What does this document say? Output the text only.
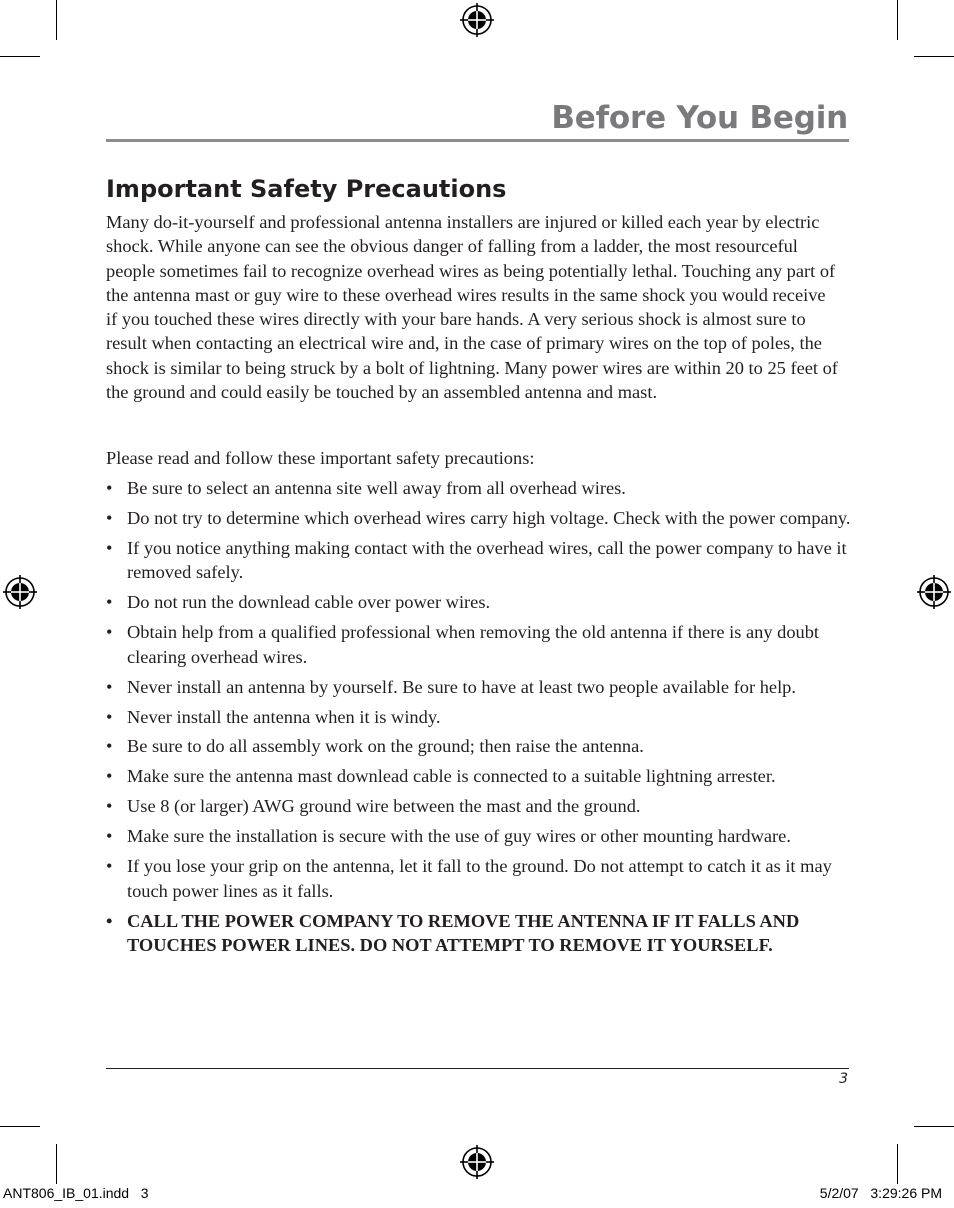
Before You Begin
Important Safety Precautions

Many do-it-yourself and professional antenna installers are injured or killed each year by electric shock. While anyone can see the obvious danger of falling from a ladder, the most resourceful people sometimes fail to recognize overhead wires as being potentially lethal. Touching any part of the antenna mast or guy wire to these overhead wires results in the same shock you would receive if you touched these wires directly with your bare hands. A very serious shock is almost sure to result when contacting an electrical wire and, in the case of primary wires on the top of poles, the shock is similar to being struck by a bolt of lightning. Many power wires are within 20 to 25 feet of the ground and could easily be touched by an assembled antenna and mast.

Please read and follow these important safety precautions:

• Be sure to select an antenna site well away from all overhead wires.
• Do not try to determine which overhead wires carry high voltage. Check with the power company.
• If you notice anything making contact with the overhead wires, call the power company to have it removed safely.
• Do not run the downlead cable over power wires.
• Obtain help from a qualified professional when removing the old antenna if there is any doubt clearing overhead wires.
• Never install an antenna by yourself. Be sure to have at least two people available for help.
• Never install the antenna when it is windy.
• Be sure to do all assembly work on the ground; then raise the antenna.
• Make sure the antenna mast downlead cable is connected to a suitable lightning arrester.
• Use 8 (or larger) AWG ground wire between the mast and the ground.
• Make sure the installation is secure with the use of guy wires or other mounting hardware.
• If you lose your grip on the antenna, let it fall to the ground. Do not attempt to catch it as it may touch power lines as it falls.
• CALL THE POWER COMPANY TO REMOVE THE ANTENNA IF IT FALLS AND TOUCHES POWER LINES. DO NOT ATTEMPT TO REMOVE IT YOURSELF.
3
ANT806_IB_01.indd   3	5/2/07   3:29:26 PM
